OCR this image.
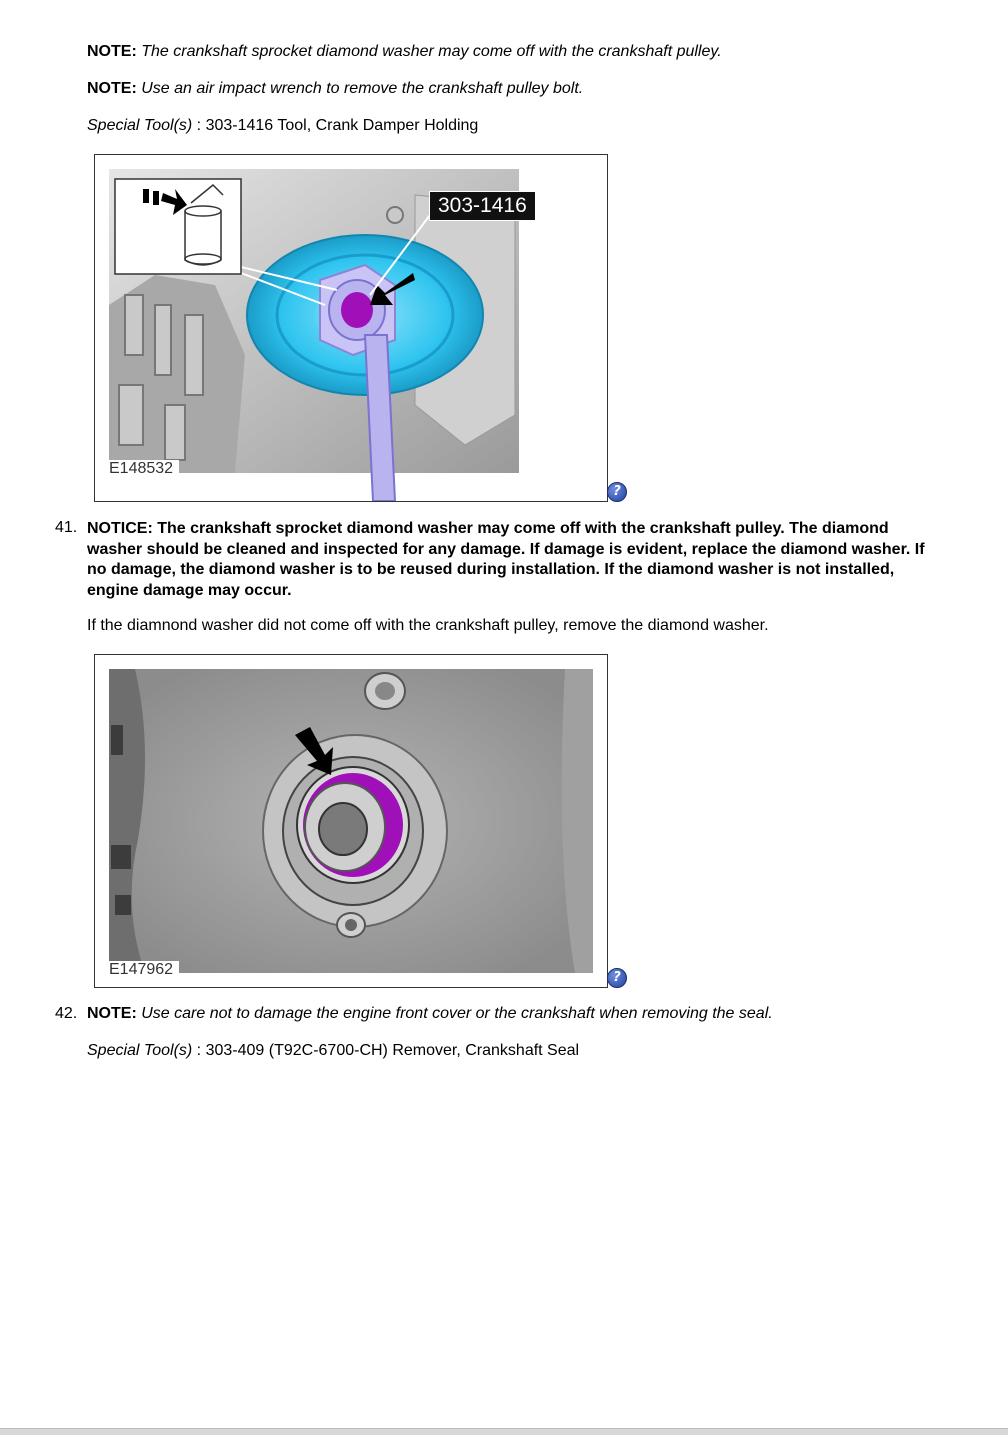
NOTE: The crankshaft sprocket diamond washer may come off with the crankshaft pulley.
NOTE: Use an air impact wrench to remove the crankshaft pulley bolt.
Special Tool(s) : 303-1416 Tool, Crank Damper Holding
303-1416
E148532
?
41. NOTICE: The crankshaft sprocket diamond washer may come off with the crankshaft pulley. The diamond
washer should be cleaned and inspected for any damage. If damage is evident, replace the diamond washer. If
no damage, the diamond washer is to be reused during installation. If the diamond washer is not installed,
engine damage may occur.
If the diamnond washer did not come off with the crankshaft pulley, remove the diamond washer.
E147962	?
42. NOTE: Use care not to damage the engine front cover or the crankshaft when removing the seal.
Special Tool(s) : 303-409 (T92C-6700-CH) Remover, Crankshaft Seal
